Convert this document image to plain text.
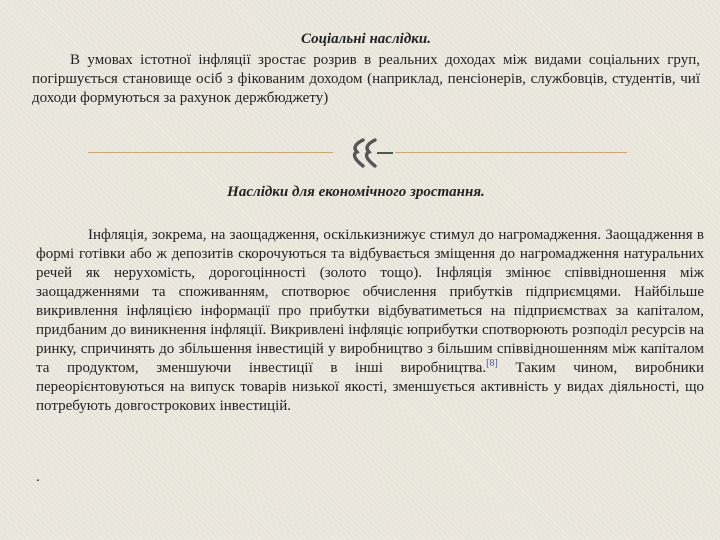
Соціальні наслідки.

В умовах істотної інфляції зростає розрив в реальних доходах між видами соціальних груп, погіршується становище осіб з фікованим доходом (наприклад, пенсіонерів, службовців, студентів, чиї доходи формуються за рахунок держбюджету)

Наслідки для економічного зростання.

Інфляція, зокрема, на заощадження, оскількизнижує стимул до нагромадження. Заощадження в формі готівки або ж депозитів скорочуються та відбувається зміщення до нагромадження натуральних речей як нерухомість, дорогоцінності (золото тощо). Інфляція змінює співвідношення між заощадженнями та споживанням, спотворює обчислення прибутків підприємцями. Найбільше викривлення інфляцією інформації про прибутки відбуватиметься на підприємствах за капіталом, придбаним до виникнення інфляції. Викривлені інфляціє юприбутки спотворюють розподіл ресурсів на ринку, спричинять до збільшення інвестицій у виробництво з більшим співвідношенням між капіталом та продуктом, зменшуючи інвестиції в інші виробництва.[8] Таким чином, виробники переорієнтовуються на випуск товарів низької якості, зменшується активність у видах діяльності, що потребують довгострокових інвестицій.

.
